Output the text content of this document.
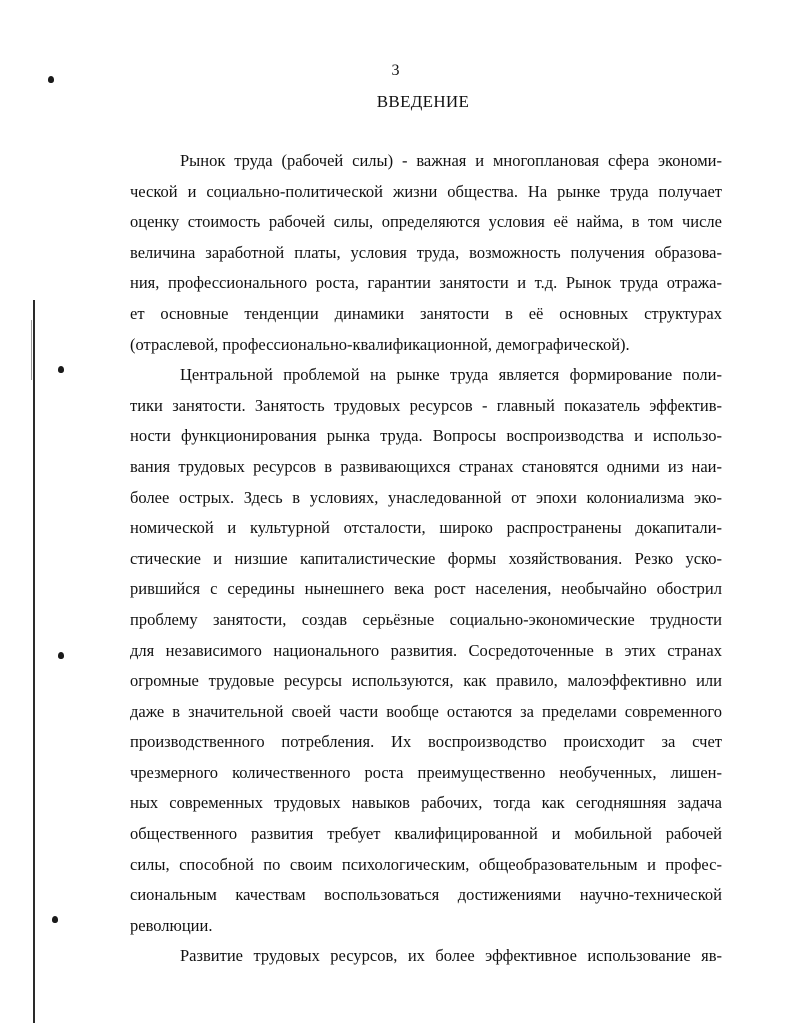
3
ВВЕДЕНИЕ
Рынок труда (рабочей силы) - важная и многоплановая сфера экономи-
ческой и социально-политической жизни общества. На рынке труда получает
оценку стоимость рабочей силы, определяются условия её найма, в том числе
величина заработной платы, условия труда, возможность получения образова-
ния, профессионального роста, гарантии занятости и т.д. Рынок труда отража-
ет основные тенденции динамики занятости в её основных структурах
(отраслевой, профессионально-квалификационной, демографической).
Центральной проблемой на рынке труда является формирование поли-
тики занятости. Занятость трудовых ресурсов - главный показатель эффектив-
ности функционирования рынка труда. Вопросы воспроизводства и использо-
вания трудовых ресурсов в развивающихся странах становятся одними из наи-
более острых. Здесь в условиях, унаследованной от эпохи колониализма эко-
номической и культурной отсталости, широко распространены докапитали-
стические и низшие капиталистические формы хозяйствования. Резко уско-
рившийся с середины нынешнего века рост населения, необычайно обострил
проблему занятости, создав серьёзные социально-экономические трудности
для независимого национального развития. Сосредоточенные в этих странах
огромные трудовые ресурсы используются, как правило, малоэффективно или
даже в значительной своей части вообще остаются за пределами современного
производственного потребления. Их воспроизводство происходит за счет
чрезмерного количественного роста преимущественно необученных, лишен-
ных современных трудовых навыков рабочих, тогда как сегодняшняя задача
общественного развития требует квалифицированной и мобильной рабочей
силы, способной по своим психологическим, общеобразовательным и профес-
сиональным качествам воспользоваться достижениями научно-технической
революции.
Развитие трудовых ресурсов, их более эффективное использование яв-
